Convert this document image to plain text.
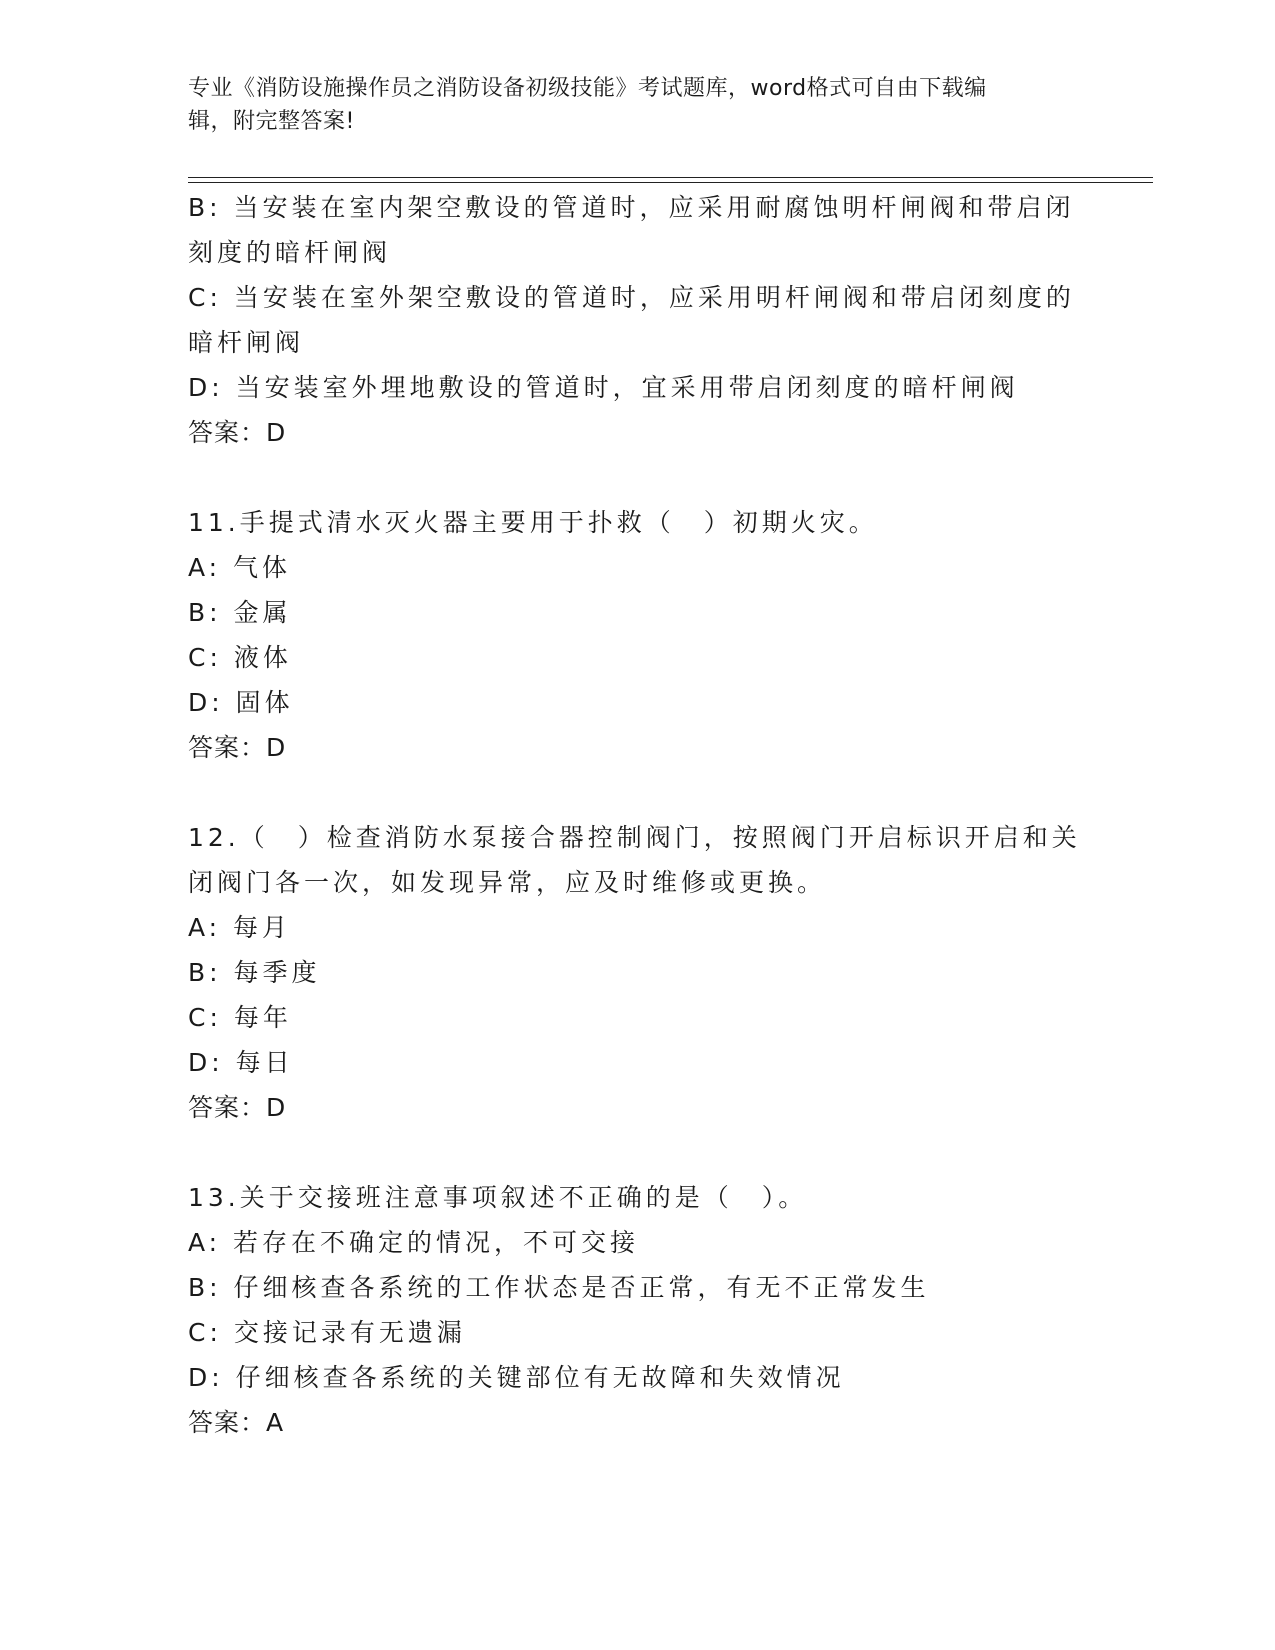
专业《消防设施操作员之消防设备初级技能》考试题库，word格式可自由下载编
辑，附完整答案!
B: 当安装在室内架空敷设的管道时，应采用耐腐蚀明杆闸阀和带启闭
刻度的暗杆闸阀
C: 当安装在室外架空敷设的管道时，应采用明杆闸阀和带启闭刻度的
暗杆闸阀
D: 当安装室外埋地敷设的管道时，宜采用带启闭刻度的暗杆闸阀
答案：D
11.手提式清水灭火器主要用于扑救（　）初期火灾。
A: 气体
B: 金属
C: 液体
D: 固体
答案：D
12.（　）检查消防水泵接合器控制阀门，按照阀门开启标识开启和关
闭阀门各一次，如发现异常，应及时维修或更换。
A: 每月
B: 每季度
C: 每年
D: 每日
答案：D
13.关于交接班注意事项叙述不正确的是（　）。
A: 若存在不确定的情况，不可交接
B: 仔细核查各系统的工作状态是否正常，有无不正常发生
C: 交接记录有无遗漏
D: 仔细核查各系统的关键部位有无故障和失效情况
答案：A
